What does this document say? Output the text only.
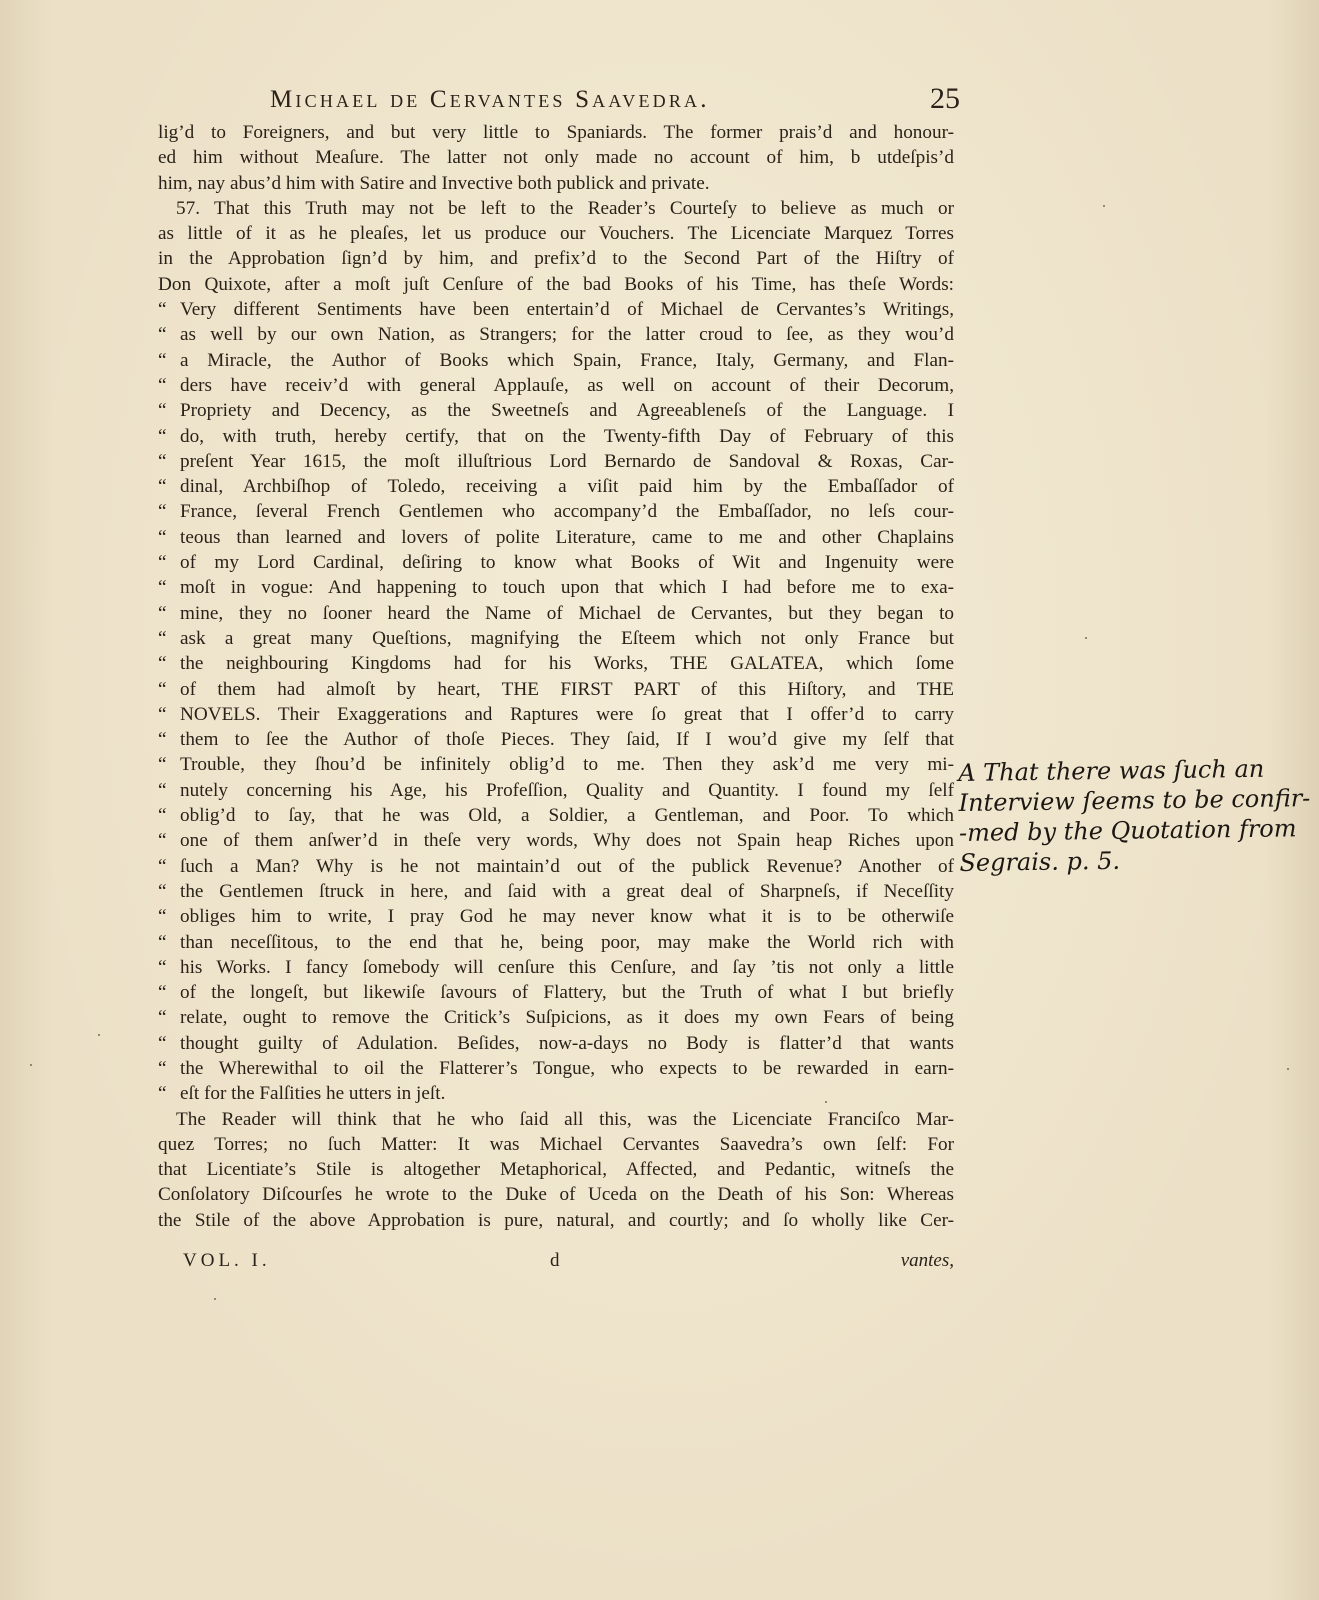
Michael de Cervantes Saavedra.	25
lig’d to Foreigners, and but very little to Spaniards. The former prais’d and honour-
ed him without Meaſure. The latter not only made no account of him, b utdeſpis’d
him, nay abus’d him with Satire and Invective both publick and private.
57. That this Truth may not be left to the Reader’s Courteſy to believe as much or
as little of it as he pleaſes, let us produce our Vouchers. The Licenciate Marquez Torres
in the Approbation ſign’d by him, and prefix’d to the Second Part of the Hiſtry of
Don Quixote, after a moſt juſt Cenſure of the bad Books of his Time, has theſe Words:
“ Very different Sentiments have been entertain’d of Michael de Cervantes’s Writings,
“ as well by our own Nation, as Strangers; for the latter croud to ſee, as they wou’d
“ a Miracle, the Author of Books which Spain, France, Italy, Germany, and Flan-
“ ders have receiv’d with general Applauſe, as well on account of their Decorum,
“ Propriety and Decency, as the Sweetneſs and Agreeableneſs of the Language. I
“ do, with truth, hereby certify, that on the Twenty-fifth Day of February of this
“ preſent Year 1615, the moſt illuſtrious Lord Bernardo de Sandoval & Roxas, Car-
“ dinal, Archbiſhop of Toledo, receiving a viſit paid him by the Embaſſador of
“ France, ſeveral French Gentlemen who accompany’d the Embaſſador, no leſs cour-
“ teous than learned and lovers of polite Literature, came to me and other Chaplains
“ of my Lord Cardinal, deſiring to know what Books of Wit and Ingenuity were
“ moſt in vogue: And happening to touch upon that which I had before me to exa-
“ mine, they no ſooner heard the Name of Michael de Cervantes, but they began to
“ ask a great many Queſtions, magnifying the Eſteem which not only France but
“ the neighbouring Kingdoms had for his Works, THE GALATEA, which ſome
“ of them had almoſt by heart, THE FIRST PART of this Hiſtory, and THE
“ NOVELS. Their Exaggerations and Raptures were ſo great that I offer’d to carry
“ them to ſee the Author of thoſe Pieces. They ſaid, If I wou’d give my ſelf that
“ Trouble, they ſhou’d be infinitely oblig’d to me. Then they ask’d me very mi-
“ nutely concerning his Age, his Profeſſion, Quality and Quantity. I found my ſelf
“ oblig’d to ſay, that he was Old, a Soldier, a Gentleman, and Poor. To which
“ one of them anſwer’d in theſe very words, Why does not Spain heap Riches upon
“ ſuch a Man? Why is he not maintain’d out of the publick Revenue? Another of
“ the Gentlemen ſtruck in here, and ſaid with a great deal of Sharpneſs, if Neceſſity
“ obliges him to write, I pray God he may never know what it is to be otherwiſe
“ than neceſſitous, to the end that he, being poor, may make the World rich with
“ his Works. I fancy ſomebody will cenſure this Cenſure, and ſay ’tis not only a little
“ of the longeſt, but likewiſe ſavours of Flattery, but the Truth of what I but briefly
“ relate, ought to remove the Critick’s Suſpicions, as it does my own Fears of being
“ thought guilty of Adulation. Beſides, now-a-days no Body is flatter’d that wants
“ the Wherewithal to oil the Flatterer’s Tongue, who expects to be rewarded in earn-
“ eſt for the Falſities he utters in jeſt.
The Reader will think that he who ſaid all this, was the Licenciate Franciſco Mar-
quez Torres; no ſuch Matter: It was Michael Cervantes Saavedra’s own ſelf: For
that Licentiate’s Stile is altogether Metaphorical, Affected, and Pedantic, witneſs the
Conſolatory Diſcourſes he wrote to the Duke of Uceda on the Death of his Son: Whereas
the Stile of the above Approbation is pure, natural, and courtly; and ſo wholly like Cer-
VOL. I.	d	vantes,
A That there was ſuch an
Interview ſeems to be confir-
-med by the Quotation from
Segrais. p. 5.
